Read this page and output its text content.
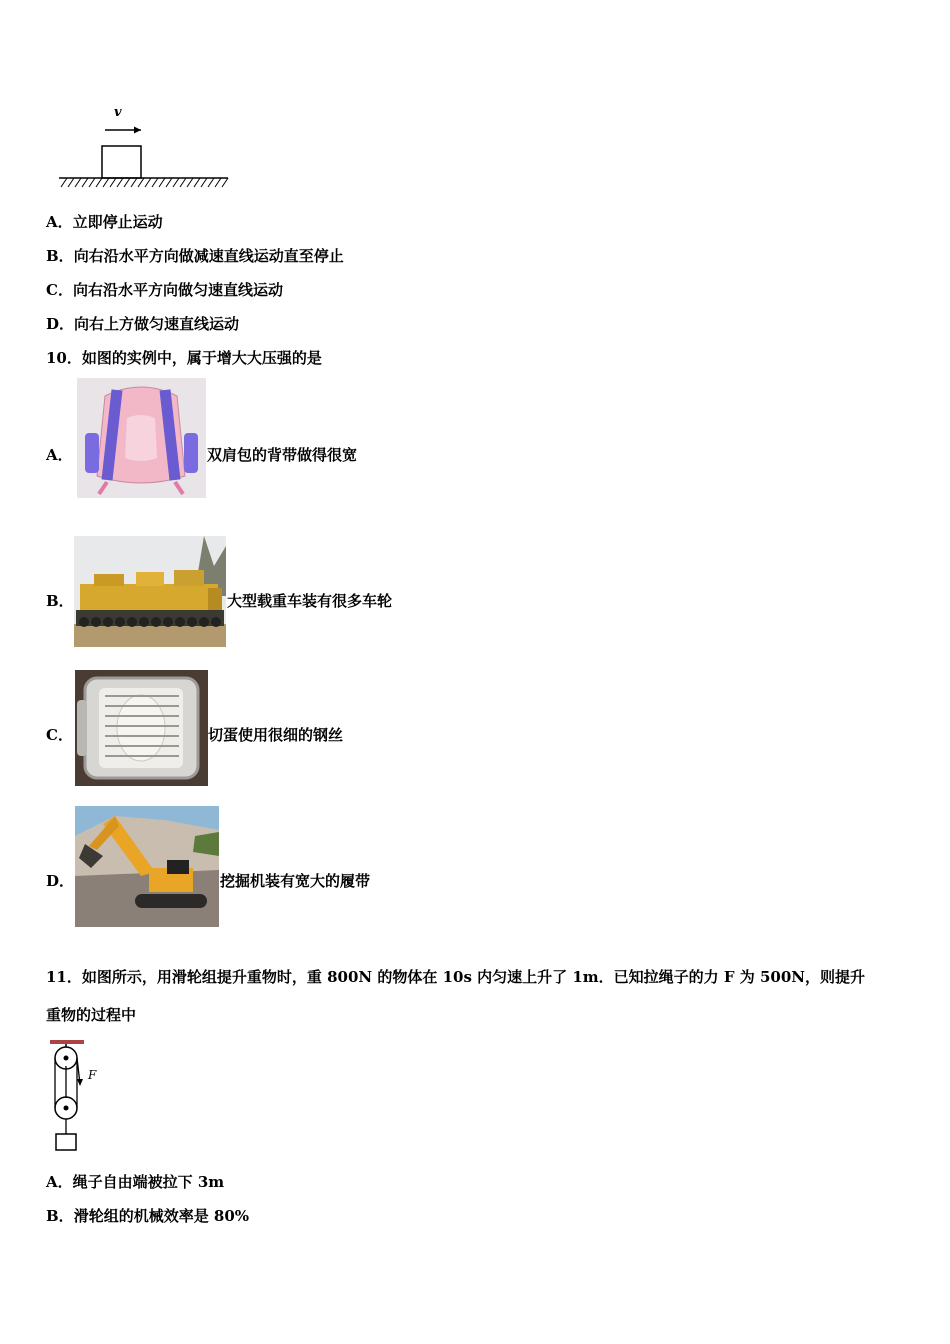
v
A．立即停止运动
B．向右沿水平方向做减速直线运动直至停止
C．向右沿水平方向做匀速直线运动
D．向右上方做匀速直线运动
10．如图的实例中，属于增大大压强的是
A．	双肩包的背带做得很宽
B．	大型载重车装有很多车轮
C．	切蛋使用很细的钢丝
D．	挖掘机装有宽大的履带
11．如图所示，用滑轮组提升重物时，重 800N 的物体在 10s 内匀速上升了 1m．已知拉绳子的力 F 为 500N，则提升
重物的过程中
F
A．绳子自由端被拉下 3m
B．滑轮组的机械效率是 80%
